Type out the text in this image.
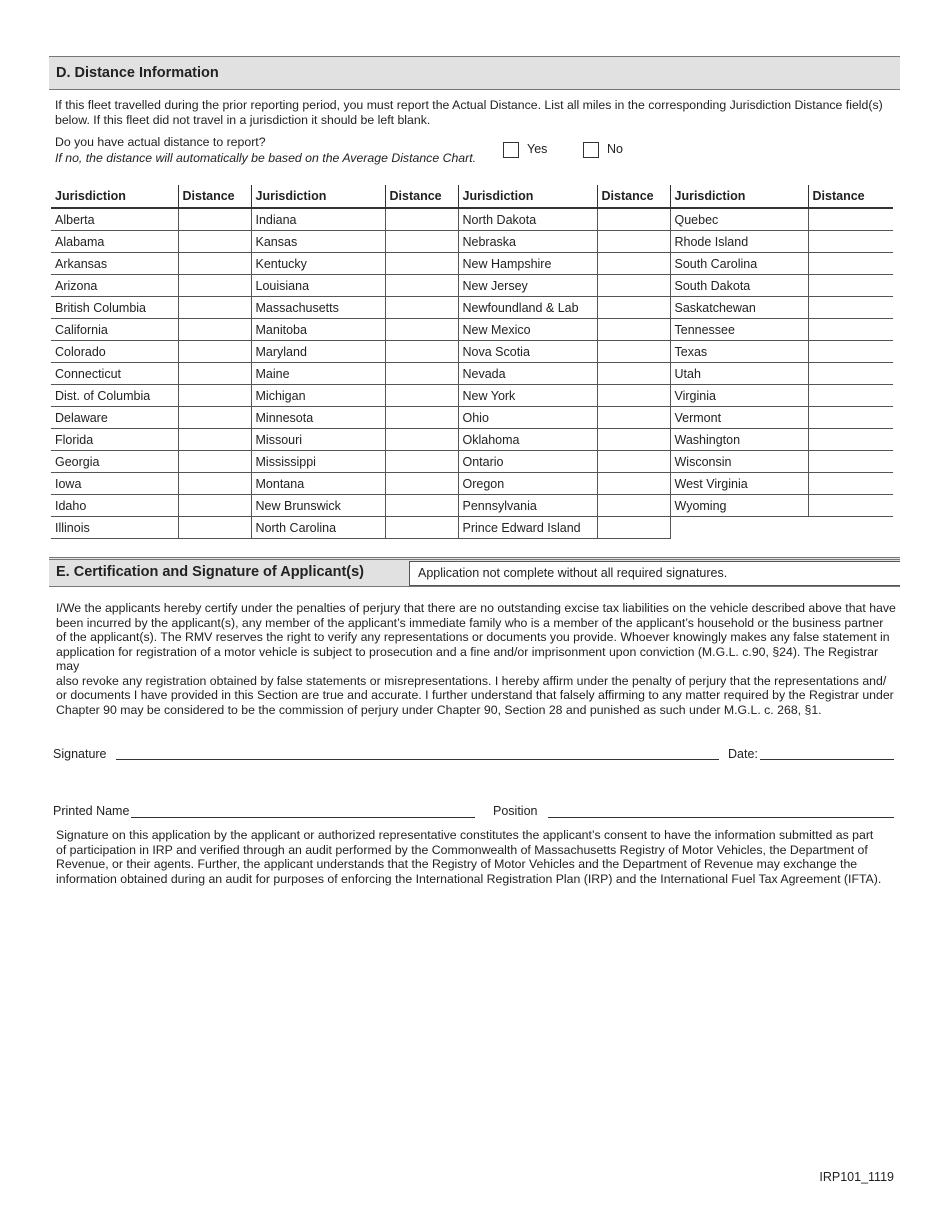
D. Distance Information
If this fleet travelled during the prior reporting period, you must report the Actual Distance. List all miles in the corresponding Jurisdiction Distance field(s)
below. If this fleet did not travel in a jurisdiction it should be left blank.
Do you have actual distance to report?
If no, the distance will automatically be based on the Average Distance Chart.
Yes	No
Jurisdiction	Distance	Jurisdiction	Distance	Jurisdiction	Distance	Jurisdiction	Distance
Alberta		Indiana		North Dakota		Quebec	
Alabama		Kansas		Nebraska		Rhode Island	
Arkansas		Kentucky		New Hampshire		South Carolina	
Arizona		Louisiana		New Jersey		South Dakota	
British Columbia		Massachusetts		Newfoundland & Lab		Saskatchewan	
California		Manitoba		New Mexico		Tennessee	
Colorado		Maryland		Nova Scotia		Texas	
Connecticut		Maine		Nevada		Utah	
Dist. of Columbia		Michigan		New York		Virginia	
Delaware		Minnesota		Ohio		Vermont	
Florida		Missouri		Oklahoma		Washington	
Georgia		Mississippi		Ontario		Wisconsin	
Iowa		Montana		Oregon		West Virginia	
Idaho		New Brunswick		Pennsylvania		Wyoming	
Illinois		North Carolina		Prince Edward Island			
E. Certification and Signature of Applicant(s)	Application not complete without all required signatures.
I/We the applicants hereby certify under the penalties of perjury that there are no outstanding excise tax liabilities on the vehicle described above that have
been incurred by the applicant(s), any member of the applicant’s immediate family who is a member of the applicant’s household or the business partner
of the applicant(s). The RMV reserves the right to verify any representations or documents you provide. Whoever knowingly makes any false statement in
application for registration of a motor vehicle is subject to prosecution and a fine and/or imprisonment upon conviction (M.G.L. c.90, §24). The Registrar may
also revoke any registration obtained by false statements or misrepresentations. I hereby affirm under the penalty of perjury that the representations and/
or documents I have provided in this Section are true and accurate. I further understand that falsely affirming to any matter required by the Registrar under
Chapter 90 may be considered to be the commission of perjury under Chapter 90, Section 28 and punished as such under M.G.L. c. 268, §1.
Signature	Date:
Printed Name	Position
Signature on this application by the applicant or authorized representative constitutes the applicant’s consent to have the information submitted as part
of participation in IRP and verified through an audit performed by the Commonwealth of Massachusetts Registry of Motor Vehicles, the Department of
Revenue, or their agents. Further, the applicant understands that the Registry of Motor Vehicles and the Department of Revenue may exchange the
information obtained during an audit for purposes of enforcing the International Registration Plan (IRP) and the International Fuel Tax Agreement (IFTA).
IRP101_1119
